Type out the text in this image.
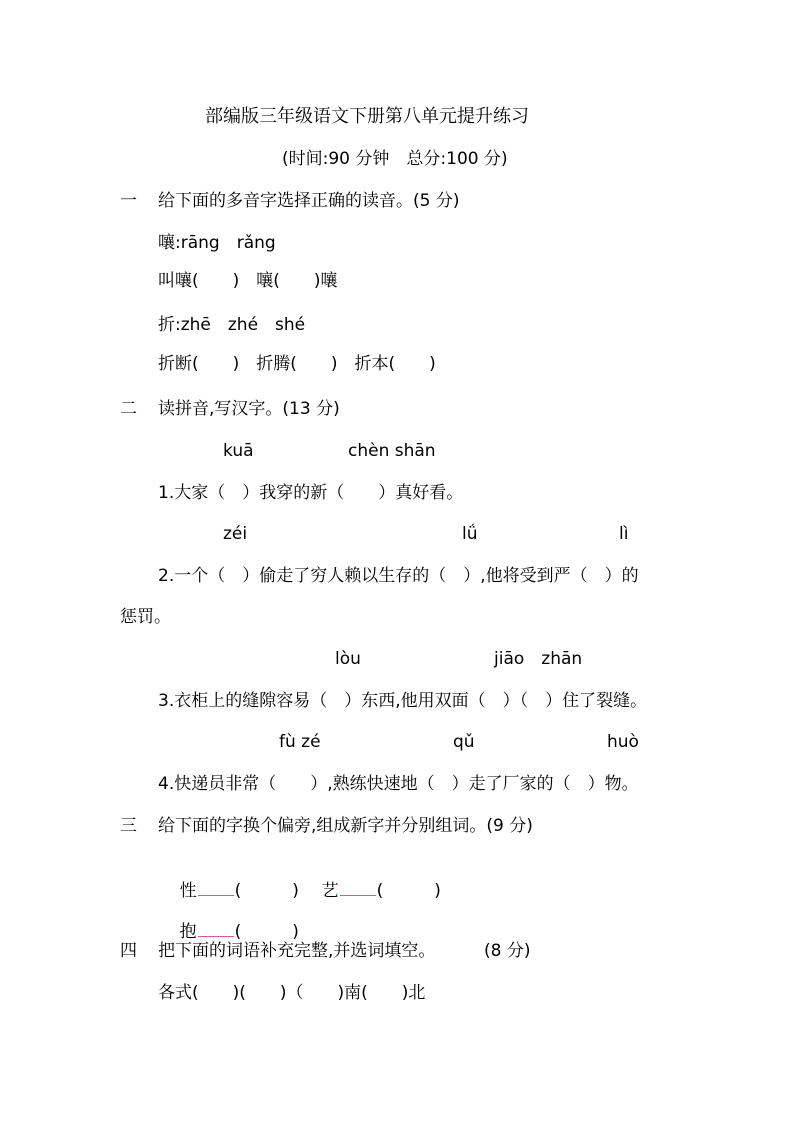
部编版三年级语文下册第八单元提升练习
(时间:90 分钟　总分:100 分)
一 给下面的多音字选择正确的读音。(5 分)
嚷:rāng　rǎng
叫嚷(　　)　嚷(　　)嚷
折:zhē　zhé　shé
折断(　　)　折腾(　　)　折本(　　)
二 读拼音,写汉字。(13 分)
kuā	chèn shān
1.大家（　）我穿的新（　　）真好看。
zéi	lǘ	lì
2.一个（　）偷走了穷人赖以生存的（　）,他将受到严（　）的
惩罚。
lòu	jiāo　zhān
3.衣柜上的缝隙容易（　）东西,他用双面（　）（　）住了裂缝。
fù zé	qǔ	huò
4.快递员非常（　　）,熟练快速地（　）走了厂家的（　）物。
三 给下面的字换个偏旁,组成新字并分别组词。(9 分)

性 (　　　)
	艺 (　　　)

抱 (　　　)

四 把下面的词语补充完整,并选词填空。	(8 分)
各式(　　)(　　)（　　)南(　　)北
